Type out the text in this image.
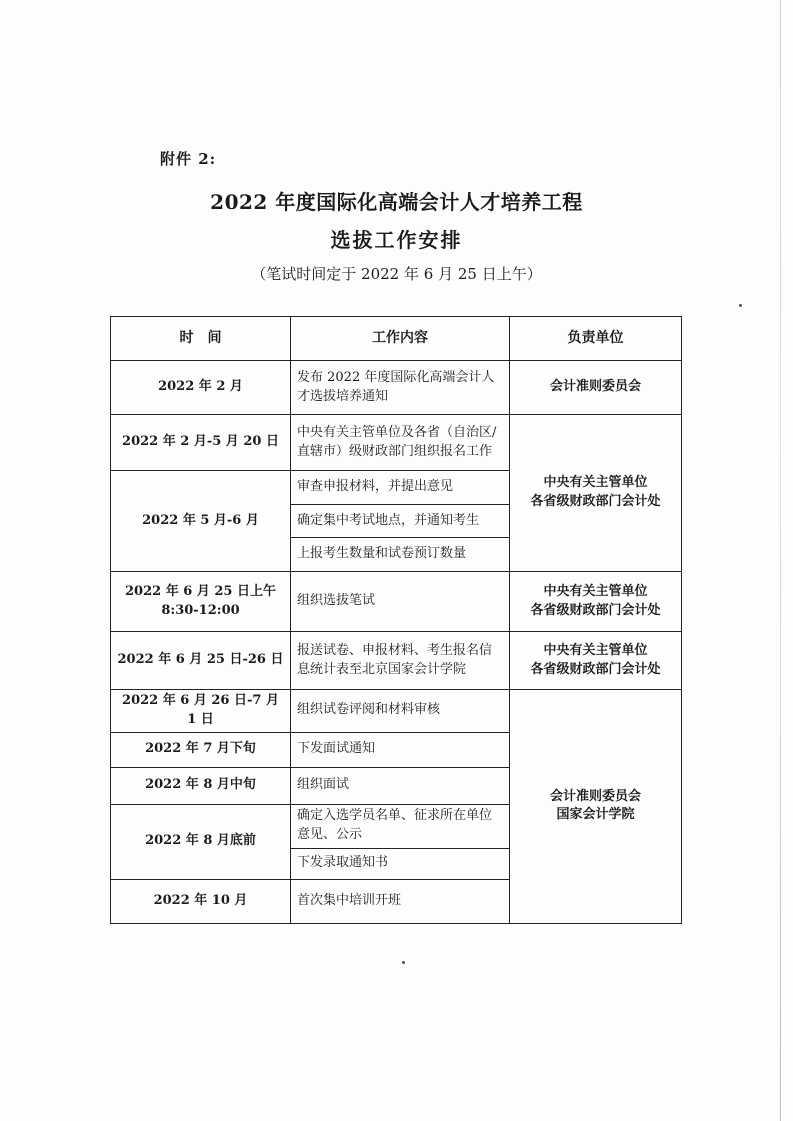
附件 2:
2022 年度国际化高端会计人才培养工程
选拔工作安排
（笔试时间定于 2022 年 6 月 25 日上午）
时　间	工作内容	负责单位
2022 年 2 月	发布 2022 年度国际化高端会计人才选拔培养通知	会计准则委员会
2022 年 2 月-5 月 20 日	中央有关主管单位及各省（自治区/直辖市）级财政部门组织报名工作	中央有关主管单位
各省级财政部门会计处
2022 年 5 月-6 月	审查申报材料，并提出意见	
	确定集中考试地点，并通知考生	
	上报考生数量和试卷预订数量	
2022 年 6 月 25 日上午
8:30-12:00	组织选拔笔试	中央有关主管单位
各省级财政部门会计处
2022 年 6 月 25 日-26 日	报送试卷、申报材料、考生报名信息统计表至北京国家会计学院	中央有关主管单位
各省级财政部门会计处
2022 年 6 月 26 日-7 月 1 日	组织试卷评阅和材料审核	会计准则委员会
国家会计学院
2022 年 7 月下旬	下发面试通知	
2022 年 8 月中旬	组织面试	
2022 年 8 月底前	确定入选学员名单、征求所在单位意见、公示	
	下发录取通知书	
2022 年 10 月	首次集中培训开班	
